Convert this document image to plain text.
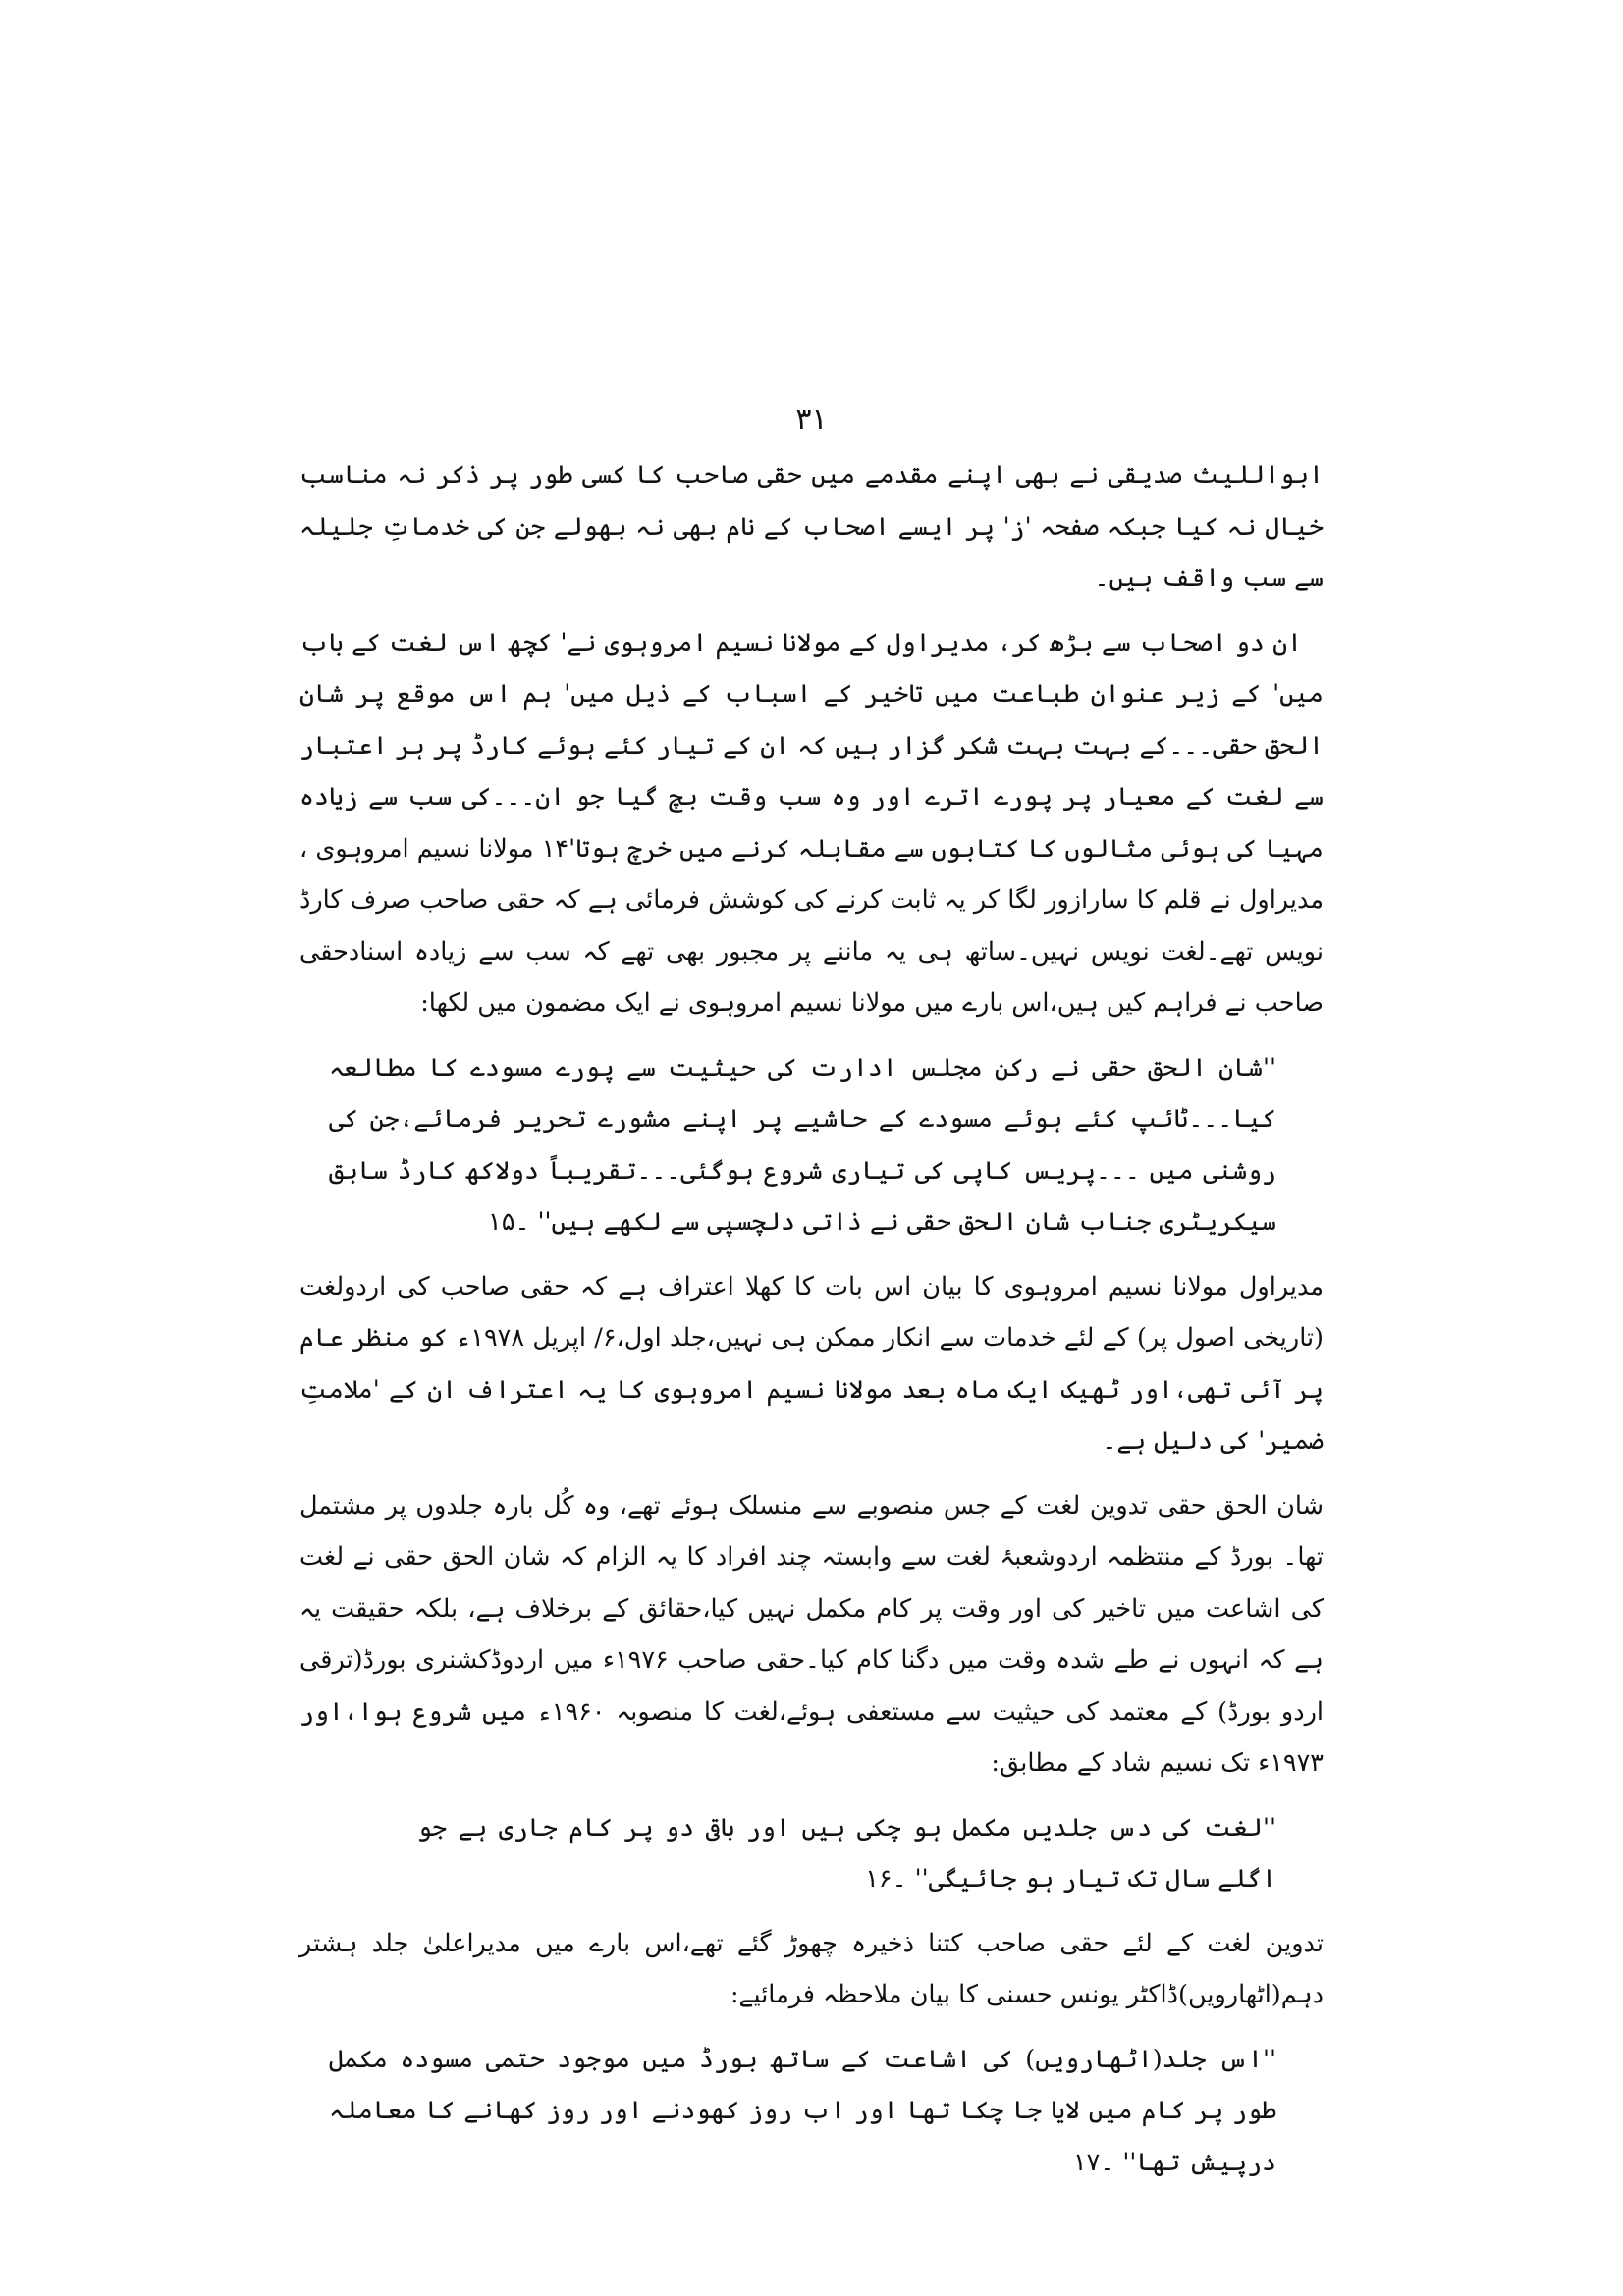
۳۱

ابواللیث صدیقی نے بھی اپنے مقدمے میں حقی صاحب کا کسی طور پر ذکر نہ مناسب خیال نہ کیا جبکہ صفحہ 'ز' پر ایسے اصحاب کے نام بھی نہ بھولے جن کی خدماتِ جلیلہ سے سب واقف ہیں۔

ان دو اصحاب سے بڑھ کر، مدیراول کے مولانا نسیم امروہوی نے' کچھ اس لغت کے باب میں' کے زیر عنوان طباعت میں تاخیر کے اسباب کے ذیل میں' ہم اس موقع پر شان الحق حقی۔۔۔کے بہت بہت شکر گزار ہیں کہ ان کے تیار کئے ہوئے کارڈ پر ہر اعتبار سے لغت کے معیار پر پورے اترے اور وہ سب وقت بچ گیا جو ان۔۔۔کی سب سے زیادہ مہیا کی ہوئی مثالوں کا کتابوں سے مقابلہ کرنے میں خرچ ہوتا'۱۴ مولانا نسیم امروہوی ، مدیراول نے قلم کا سارازور لگا کر یہ ثابت کرنے کی کوشش فرمائی ہے کہ حقی صاحب صرف کارڈ نویس تھے۔لغت نویس نہیں۔ساتھ ہی یہ ماننے پر مجبور بھی تھے کہ سب سے زیادہ اسنادحقی صاحب نے فراہم کیں ہیں،اس بارے میں مولانا نسیم امروہوی نے ایک مضمون میں لکھا:

''شان الحق حقی نے رکن مجلس ادارت کی حیثیت سے پورے مسودے کا مطالعہ کیا۔۔۔ٹائپ کئے ہوئے مسودے کے حاشیے پر اپنے مشورے تحریر فرمائے،جن کی روشنی میں ۔۔۔پریس کاپی کی تیاری شروع ہوگئی۔۔۔تقریباً دولاکھ کارڈ سابق سیکریٹری جناب شان الحق حقی نے ذاتی دلچسپی سے لکھے ہیں'' ۔۱۵

مدیراول مولانا نسیم امروہوی کا بیان اس بات کا کھلا اعتراف ہے کہ حقی صاحب کی اردولغت (تاریخی اصول پر) کے لئے خدمات سے انکار ممکن ہی نہیں،جلد اول،۶/ اپریل ۱۹۷۸ء کو منظر عام پر آئی تھی،اور ٹھیک ایک ماہ بعد مولانا نسیم امروہوی کا یہ اعتراف ان کے 'ملامتِ ضمیر' کی دلیل ہے۔

شان الحق حقی تدوین لغت کے جس منصوبے سے منسلک ہوئے تھے، وہ کُل بارہ جلدوں پر مشتمل تھا۔ بورڈ کے منتظمہ اردوشعبۂ لغت سے وابستہ چند افراد کا یہ الزام کہ شان الحق حقی نے لغت کی اشاعت میں تاخیر کی اور وقت پر کام مکمل نہیں کیا،حقائق کے برخلاف ہے، بلکہ حقیقت یہ ہے کہ انہوں نے طے شدہ وقت میں دگنا کام کیا۔حقی صاحب ۱۹۷۶ء میں اردوڈکشنری بورڈ(ترقی اردو بورڈ) کے معتمد کی حیثیت سے مستعفی ہوئے،لغت کا منصوبہ ۱۹۶۰ء میں شروع ہوا،اور ۱۹۷۳ء تک نسیم شاد کے مطابق:

''لغت کی دس جلدیں مکمل ہو چکی ہیں اور باقی دو پر کام جاری ہے جو اگلے سال تک تیار ہو جائیگی'' ۔۱۶

تدوین لغت کے لئے حقی صاحب کتنا ذخیرہ چھوڑ گئے تھے،اس بارے میں مدیراعلیٰ جلد ہشتر دہم(اٹھارویں)ڈاکٹر یونس حسنی کا بیان ملاحظہ فرمائیے:

''اس جلد(اٹھارویں) کی اشاعت کے ساتھ بورڈ میں موجود حتمی مسودہ مکمل طور پر کام میں لایا جا چکا تھا اور اب روز کھودنے اور روز کھانے کا معاملہ درپیش تھا'' ۔۱۷
